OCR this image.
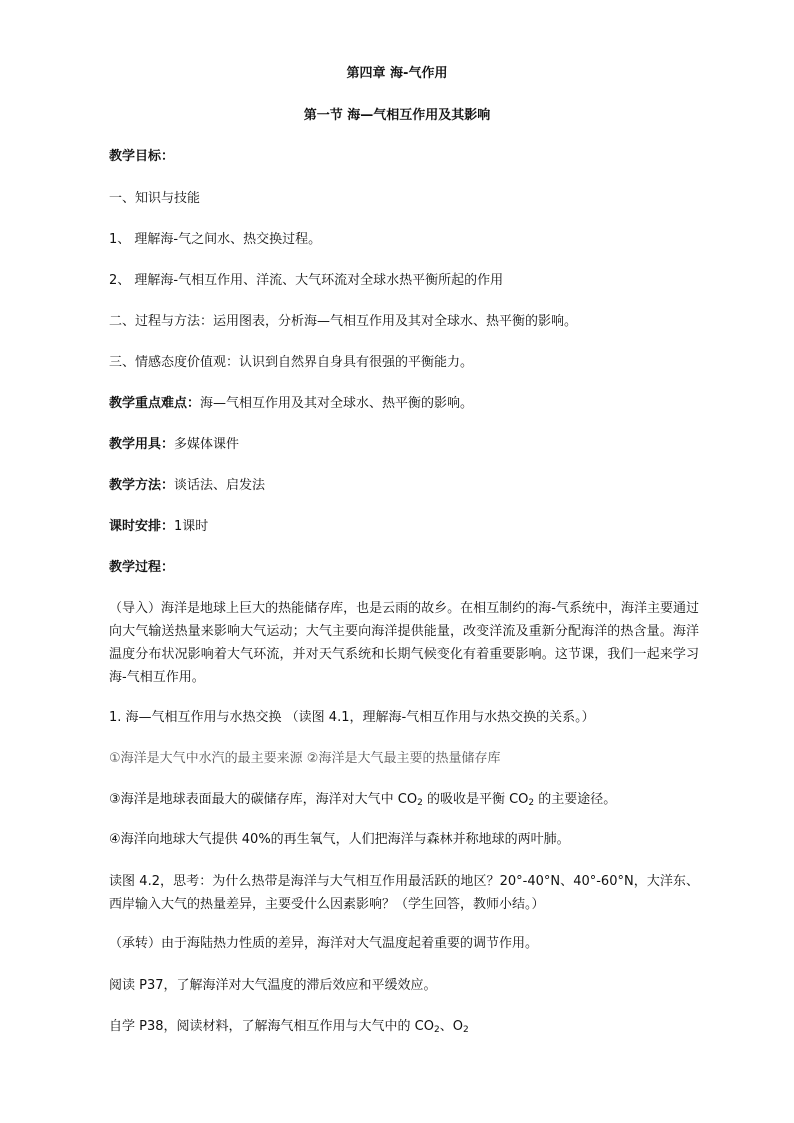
第四章 海-气作用
第一节 海—气相互作用及其影响
教学目标：
一、知识与技能
1、 理解海-气之间水、热交换过程。
2、 理解海-气相互作用、洋流、大气环流对全球水热平衡所起的作用
二、过程与方法：运用图表，分析海—气相互作用及其对全球水、热平衡的影响。
三、情感态度价值观：认识到自然界自身具有很强的平衡能力。
教学重点难点：海—气相互作用及其对全球水、热平衡的影响。
教学用具：多媒体课件
教学方法：谈话法、启发法
课时安排：1课时
教学过程：
（导入）海洋是地球上巨大的热能储存库，也是云雨的故乡。在相互制约的海-气系统中，海洋主要通过向大气输送热量来影响大气运动；大气主要向海洋提供能量，改变洋流及重新分配海洋的热含量。海洋温度分布状况影响着大气环流，并对天气系统和长期气候变化有着重要影响。这节课，我们一起来学习海-气相互作用。
1. 海—气相互作用与水热交换 （读图 4.1，理解海-气相互作用与水热交换的关系。）
①海洋是大气中水汽的最主要来源 ②海洋是大气最主要的热量储存库
③海洋是地球表面最大的碳储存库，海洋对大气中 $CO_2$ 的吸收是平衡 $CO_2$ 的主要途径。
④海洋向地球大气提供 40%的再生氧气，人们把海洋与森林并称地球的两叶肺。
读图 4.2，思考：为什么热带是海洋与大气相互作用最活跃的地区？20°-40°N、40°-60°N，大洋东、西岸输入大气的热量差异，主要受什么因素影响？（学生回答，教师小结。）
（承转）由于海陆热力性质的差异，海洋对大气温度起着重要的调节作用。
阅读 P37，了解海洋对大气温度的滞后效应和平缓效应。
自学 P38，阅读材料，了解海气相互作用与大气中的 $CO_2$、$O_2$
